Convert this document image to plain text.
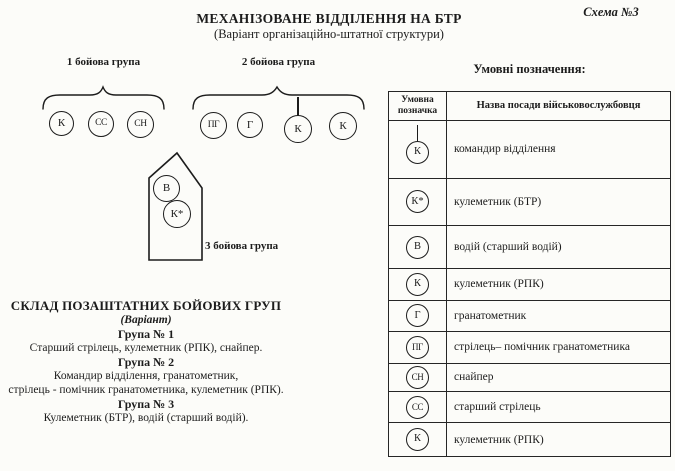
Схема №3
МЕХАНІЗОВАНЕ ВІДДІЛЕННЯ НА БТР
(Варіант організаційно-штатної структури)
1 бойова група
К	СС	СН
2 бойова група
ПГ	Г	К	К
В
К*
3 бойова група
СКЛАД ПОЗАШТАТНИХ БОЙОВИХ ГРУП
(Варіант)
Група № 1
Старший стрілець, кулеметник (РПК), снайпер.
Група № 2
Командир відділення, гранатометник,
стрілець - помічник гранатометника, кулеметник (РПК).
Група № 3
Кулеметник (БТР), водій (старший водій).
Умовні позначення:
Умовна позначка	Назва посади військовослужбовця
К	командир відділення
К*	кулеметник (БТР)
В	водій (старший водій)
К	кулеметник (РПК)
Г	гранатометник
ПГ	стрілець– помічник гранатометника
СН	снайпер
СС	старший стрілець
К	кулеметник (РПК)
